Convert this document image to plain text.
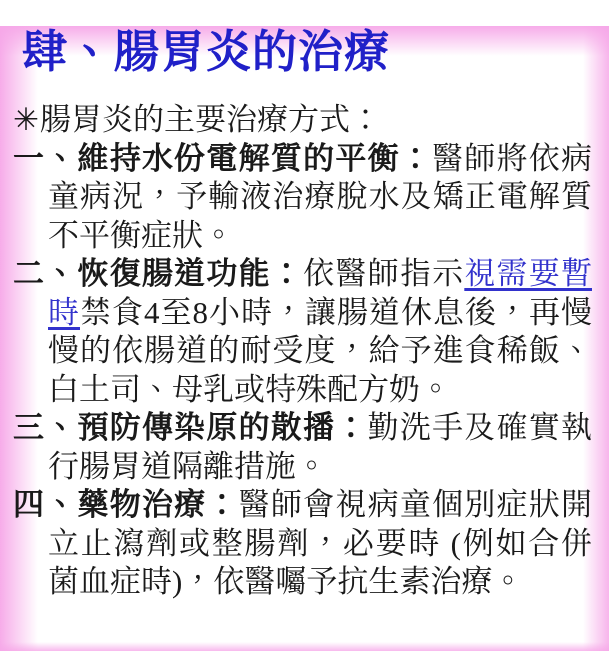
肆、腸胃炎的治療
✳腸胃炎的主要治療方式：
一、維持水份電解質的平衡：醫師將依病
童病況，予輸液治療脫水及矯正電解質
不平衡症狀。
二、恢復腸道功能：依醫師指示視需要暫
時禁食4至8小時，讓腸道休息後，再慢
慢的依腸道的耐受度，給予進食稀飯、
白土司、母乳或特殊配方奶。
三、預防傳染原的散播：勤洗手及確實執
行腸胃道隔離措施。
四、藥物治療：醫師會視病童個別症狀開
立止瀉劑或整腸劑，必要時 (例如合併
菌血症時)，依醫囑予抗生素治療。
